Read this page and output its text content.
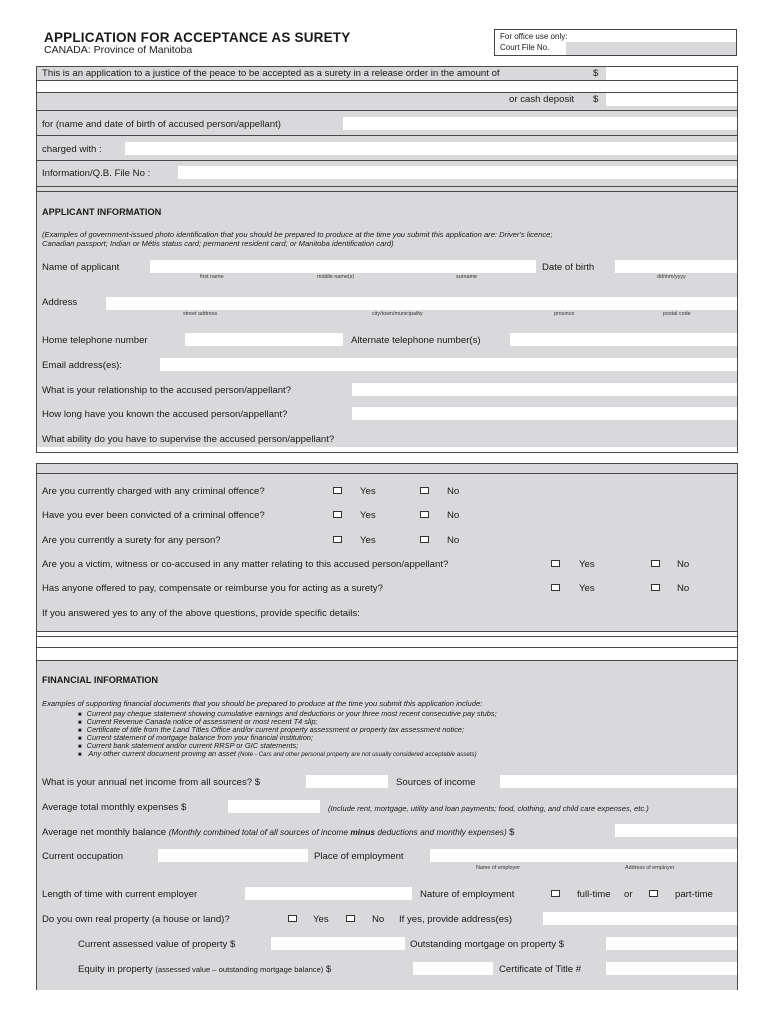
APPLICATION FOR ACCEPTANCE AS SURETY
CANADA: Province of Manitoba
For office use only:
Court File No.
This is an application to a justice of the peace to be accepted as a surety in a release order in the amount of	$
or cash deposit $
for (name and date of birth of accused person/appellant)
charged with :
Information/Q.B. File No :
APPLICANT INFORMATION
(Examples of government-issued photo identification that you should be prepared to produce at the time you submit this application are: Driver's licence;
Canadian passport; Indian or Métis status card; permanent resident card; or Manitoba identification card)
Name of applicant	Date of birth
first name	middle name(s)	surname	dd/mm/yyyy
Address
street address	city/town/municipality	province	postal code
Home telephone number	Alternate telephone number(s)
Email address(es):
What is your relationship to the accused person/appellant?
How long have you known the accused person/appellant?
What ability do you have to supervise the accused person/appellant?
Are you currently charged with any criminal offence?	Yes	No
Have you ever been convicted of a criminal offence?	Yes	No
Are you currently a surety for any person?	Yes	No
Are you a victim, witness or co-accused in any matter relating to this accused person/appellant?	Yes	No
Has anyone offered to pay, compensate or reimburse you for acting as a surety?	Yes	No
If you answered yes to any of the above questions, provide specific details:
FINANCIAL INFORMATION
Examples of supporting financial documents that you should be prepared to produce at the time you submit this application include:
■ Current pay cheque statement showing cumulative earnings and deductions or your three most recent consecutive pay stubs;
■ Current Revenue Canada notice of assessment or most recent T4 slip;
■ Certificate of title from the Land Titles Office and/or current property assessment or property tax assessment notice;
■ Current statement of mortgage balance from your financial institution;
■ Current bank statement and/or current RRSP or GIC statements;
■ Any other current document proving an asset (Note - Cars and other personal property are not usually considered acceptable assets)
What is your annual net income from all sources? $	Sources of income
Average total monthly expenses $	(Include rent, mortgage, utility and loan payments; food, clothing, and child care expenses, etc.)
Average net monthly balance (Monthly combined total of all sources of income minus deductions and monthly expenses) $
Current occupation	Place of employment
Name of employer	Address of employer
Length of time with current employer	Nature of employment	full-time or	part-time
Do you own real property (a house or land)?	Yes	No If yes, provide address(es)
Current assessed value of property $	Outstanding mortgage on property $
Equity in property (assessed value – outstanding mortgage balance) $	Certificate of Title #
